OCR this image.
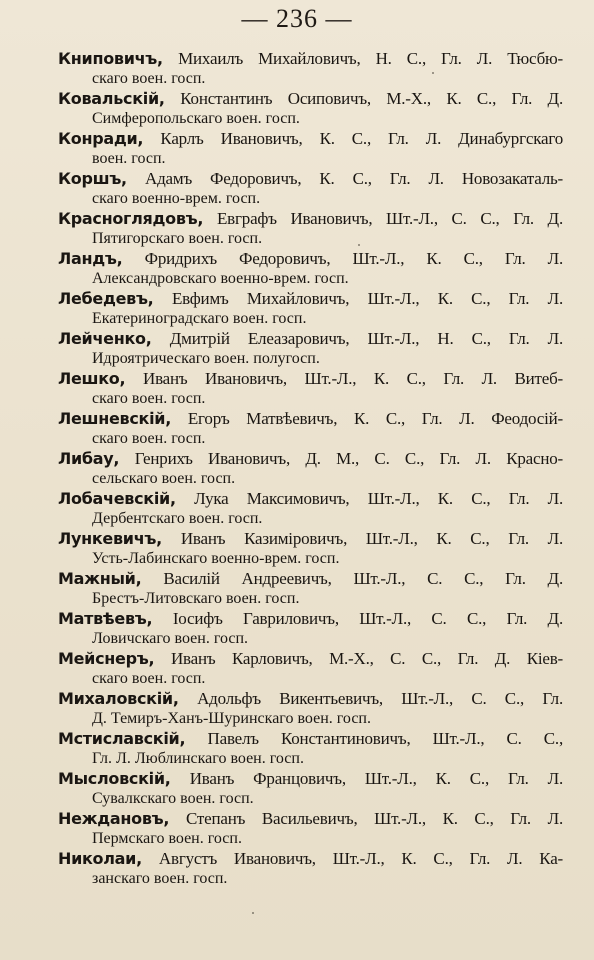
— 236 —
Книповичъ, Михаилъ Михайловичъ, Н. С., Гл. Л. Тюсбю-
скаго воен. госп.
Ковальскій, Константинъ Осиповичъ, М.-Х., К. С., Гл. Д.
Симферопольскаго воен. госп.
Конради, Карлъ Ивановичъ, К. С., Гл. Л. Динабургскаго
воен. госп.
Коршъ, Адамъ Федоровичъ, К. С., Гл. Л. Новозакаталь-
скаго военно-врем. госп.
Красноглядовъ, Евграфъ Ивановичъ, Шт.-Л., С. С., Гл. Д.
Пятигорскаго воен. госп.
Ландъ, Фридрихъ Федоровичъ, Шт.-Л., К. С., Гл. Л.
Александровскаго военно-врем. госп.
Лебедевъ, Евфимъ Михайловичъ, Шт.-Л., К. С., Гл. Л.
Екатериноградскаго воен. госп.
Лейченко, Дмитрій Елеазаровичъ, Шт.-Л., Н. С., Гл. Л.
Идроятрическаго воен. полугосп.
Лешко, Иванъ Ивановичъ, Шт.-Л., К. С., Гл. Л. Витеб-
скаго воен. госп.
Лешневскій, Егоръ Матвѣевичъ, К. С., Гл. Л. Феодосій-
скаго воен. госп.
Либау, Генрихъ Ивановичъ, Д. М., С. С., Гл. Л. Красно-
сельскаго воен. госп.
Лобачевскій, Лука Максимовичъ, Шт.-Л., К. С., Гл. Л.
Дербентскаго воен. госп.
Лункевичъ, Иванъ Казиміровичъ, Шт.-Л., К. С., Гл. Л.
Усть-Лабинскаго военно-врем. госп.
Мажный, Василій Андреевичъ, Шт.-Л., С. С., Гл. Д.
Брестъ-Литовскаго воен. госп.
Матвѣевъ, Іосифъ Гавриловичъ, Шт.-Л., С. С., Гл. Д.
Ловичскаго воен. госп.
Мейснеръ, Иванъ Карловичъ, М.-Х., С. С., Гл. Д. Кіев-
скаго воен. госп.
Михаловскій, Адольфъ Викентьевичъ, Шт.-Л., С. С., Гл.
Д. Темиръ-Ханъ-Шуринскаго воен. госп.
Мстиславскій, Павелъ Константиновичъ, Шт.-Л., С. С.,
Гл. Л. Люблинскаго воен. госп.
Мысловскій, Иванъ Францовичъ, Шт.-Л., К. С., Гл. Л.
Сувалкскаго воен. госп.
Неждановъ, Степанъ Васильевичъ, Шт.-Л., К. С., Гл. Л.
Пермскаго воен. госп.
Николаи, Августъ Ивановичъ, Шт.-Л., К. С., Гл. Л. Ка-
занскаго воен. госп.
